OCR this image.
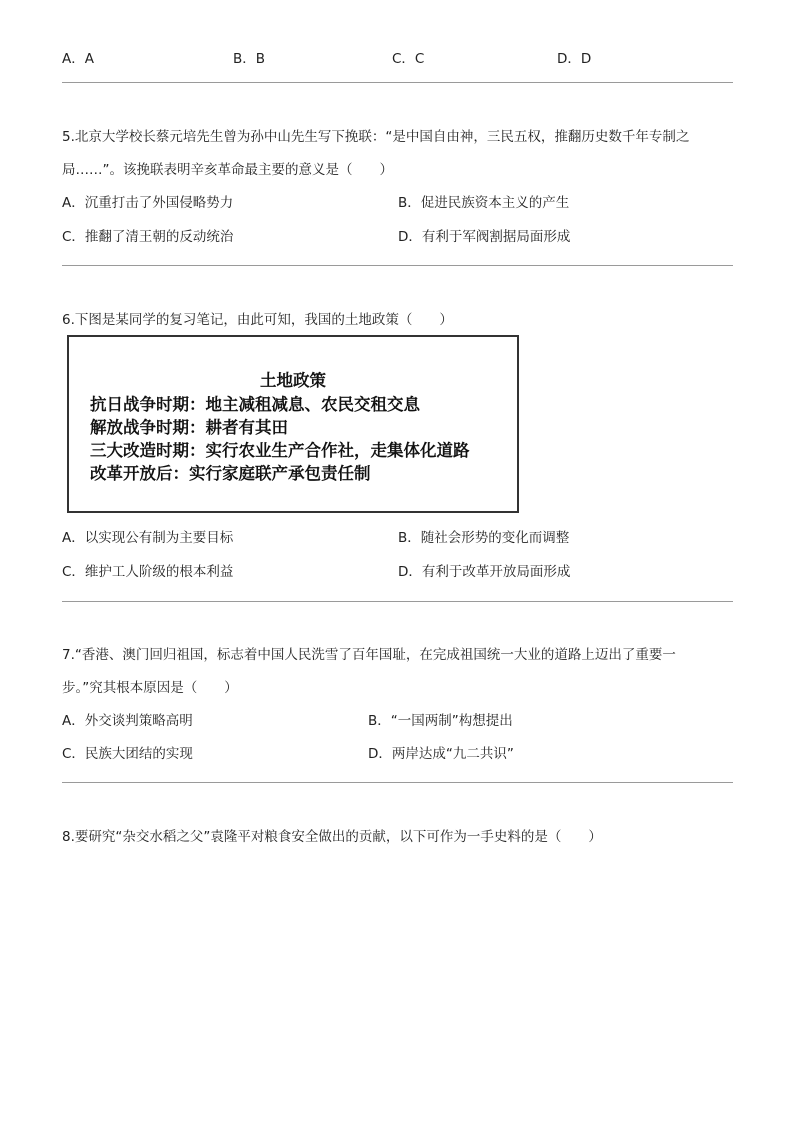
A．A	B．B	C．C	D．D
5.北京大学校长蔡元培先生曾为孙中山先生写下挽联：“是中国自由神，三民五权，推翻历史数千年专制之
局……”。该挽联表明辛亥革命最主要的意义是（　　）
A．沉重打击了外国侵略势力	B．促进民族资本主义的产生
C．推翻了清王朝的反动统治	D．有利于军阀割据局面形成
6.下图是某同学的复习笔记，由此可知，我国的土地政策（　　）
土地政策
抗日战争时期：地主减租减息、农民交租交息
解放战争时期：耕者有其田
三大改造时期：实行农业生产合作社，走集体化道路
改革开放后：实行家庭联产承包责任制
A．以实现公有制为主要目标	B．随社会形势的变化而调整
C．维护工人阶级的根本利益	D．有利于改革开放局面形成
7.“香港、澳门回归祖国，标志着中国人民洗雪了百年国耻，在完成祖国统一大业的道路上迈出了重要一
步。”究其根本原因是（　　）
A．外交谈判策略高明	B．“一国两制”构想提出
C．民族大团结的实现	D．两岸达成“九二共识”
8.要研究“杂交水稻之父”袁隆平对粮食安全做出的贡献，以下可作为一手史料的是（　　）
